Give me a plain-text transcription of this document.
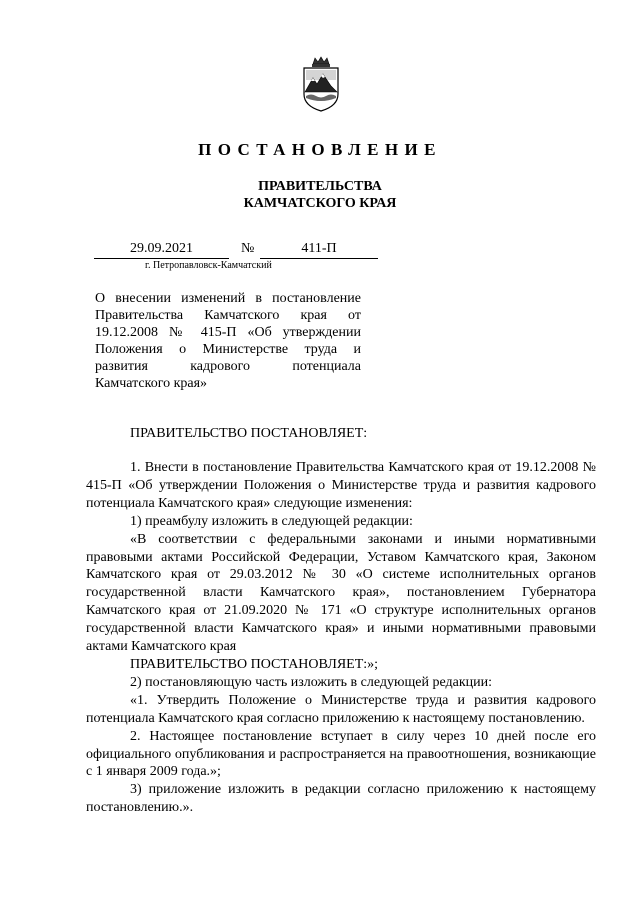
ПОСТАНОВЛЕНИЕ
ПРАВИТЕЛЬСТВА
КАМЧАТСКОГО КРАЯ
29.09.2021	№	411-П
г. Петропавловск-Камчатский
О внесении изменений в постановление
Правительства Камчатского края от
19.12.2008 № 415-П «Об утверждении
Положения о Министерстве труда и
развития кадрового потенциала
Камчатского края»
ПРАВИТЕЛЬСТВО ПОСТАНОВЛЯЕТ:

1. Внести в постановление Правительства Камчатского края от 19.12.2008 № 415-П «Об утверждении Положения о Министерстве труда и развития кадрового потенциала Камчатского края» следующие изменения:

1) преамбулу изложить в следующей редакции:

«В соответствии с федеральными законами и иными нормативными правовыми актами Российской Федерации, Уставом Камчатского края, Законом Камчатского края от 29.03.2012 № 30 «О системе исполнительных органов государственной власти Камчатского края», постановлением Губернатора Камчатского края от 21.09.2020 № 171 «О структуре исполнительных органов государственной власти Камчатского края» и иными нормативными правовыми актами Камчатского края

ПРАВИТЕЛЬСТВО ПОСТАНОВЛЯЕТ:»;

2) постановляющую часть изложить в следующей редакции:

«1. Утвердить Положение о Министерстве труда и развития кадрового потенциала Камчатского края согласно приложению к настоящему постановлению.

2. Настоящее постановление вступает в силу через 10 дней после его официального опубликования и распространяется на правоотношения, возникающие с 1 января 2009 года.»;

3) приложение изложить в редакции согласно приложению к настоящему постановлению.».
